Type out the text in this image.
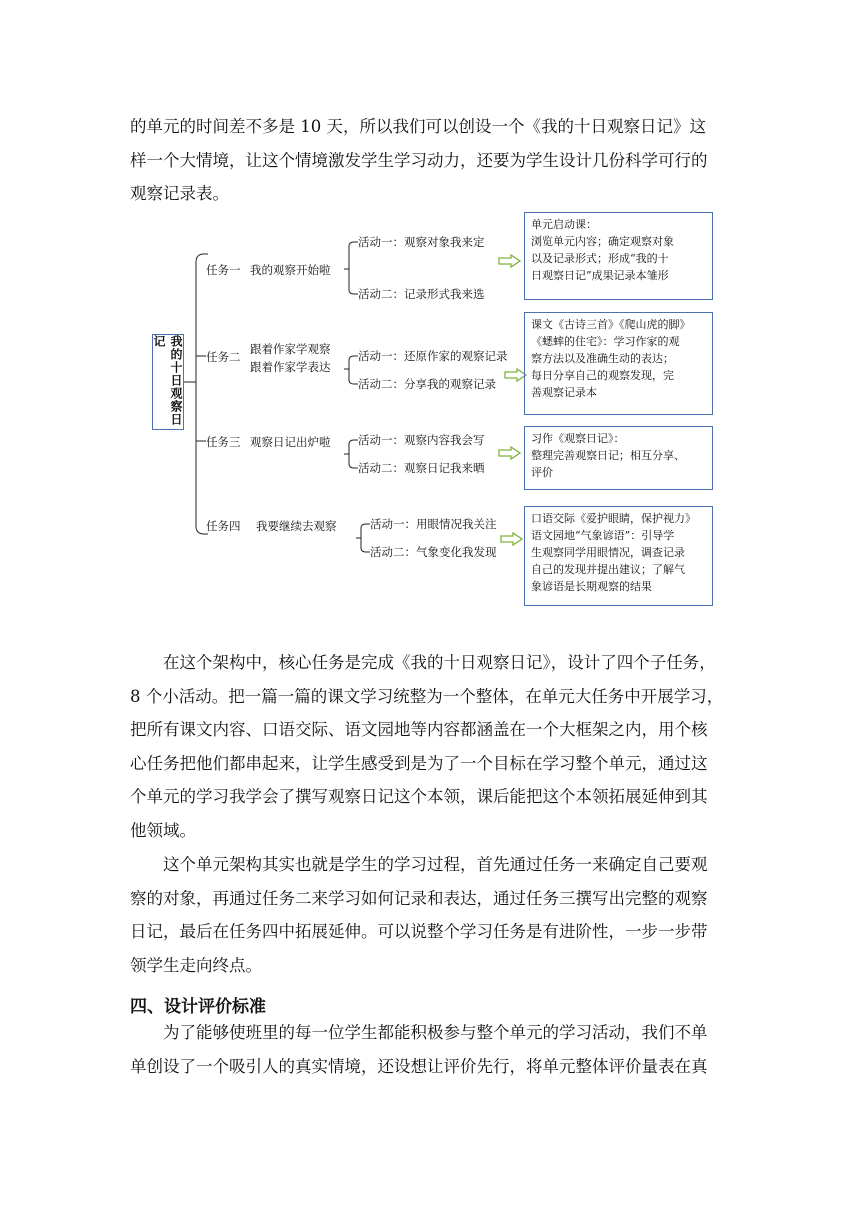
的单元的时间差不多是 10 天，所以我们可以创设一个《我的十日观察日记》这
样一个大情境，让这个情境激发学生学习动力，还要为学生设计几份科学可行的
观察记录表。
我的十日观察日记
任务一 我的观察开始啦
活动一：观察对象我来定
活动二：记录形式我来选
单元启动课：
浏览单元内容；确定观察对象
以及记录形式；形成“我的十
日观察日记”成果记录本雏形
任务二
跟着作家学观察
跟着作家学表达
活动一：还原作家的观察记录
活动二：分享我的观察记录
课文《古诗三首》《爬山虎的脚》
《蟋蟀的住宅》：学习作家的观
察方法以及准确生动的表达；
每日分享自己的观察发现，完
善观察记录本
任务三 观察日记出炉啦 活动一：观察内容我会写
活动二：观察日记我来晒
习作《观察日记》：
整理完善观察日记；相互分享、
评价
任务四 我要继续去观察	活动一：用眼情况我关注
活动二：气象变化我发现
口语交际《爱护眼睛，保护视力》
语文园地“气象谚语”：引导学
生观察同学用眼情况，调查记录
自己的发现并提出建议；了解气
象谚语是长期观察的结果
在这个架构中，核心任务是完成《我的十日观察日记》，设计了四个子任务，
8 个小活动。把一篇一篇的课文学习统整为一个整体，在单元大任务中开展学习，
把所有课文内容、口语交际、语文园地等内容都涵盖在一个大框架之内，用个核
心任务把他们都串起来，让学生感受到是为了一个目标在学习整个单元，通过这
个单元的学习我学会了撰写观察日记这个本领，课后能把这个本领拓展延伸到其
他领域。
这个单元架构其实也就是学生的学习过程，首先通过任务一来确定自己要观
察的对象，再通过任务二来学习如何记录和表达，通过任务三撰写出完整的观察
日记，最后在任务四中拓展延伸。可以说整个学习任务是有进阶性，一步一步带
领学生走向终点。
四、设计评价标准
为了能够使班里的每一位学生都能积极参与整个单元的学习活动，我们不单
单创设了一个吸引人的真实情境，还设想让评价先行，将单元整体评价量表在真
